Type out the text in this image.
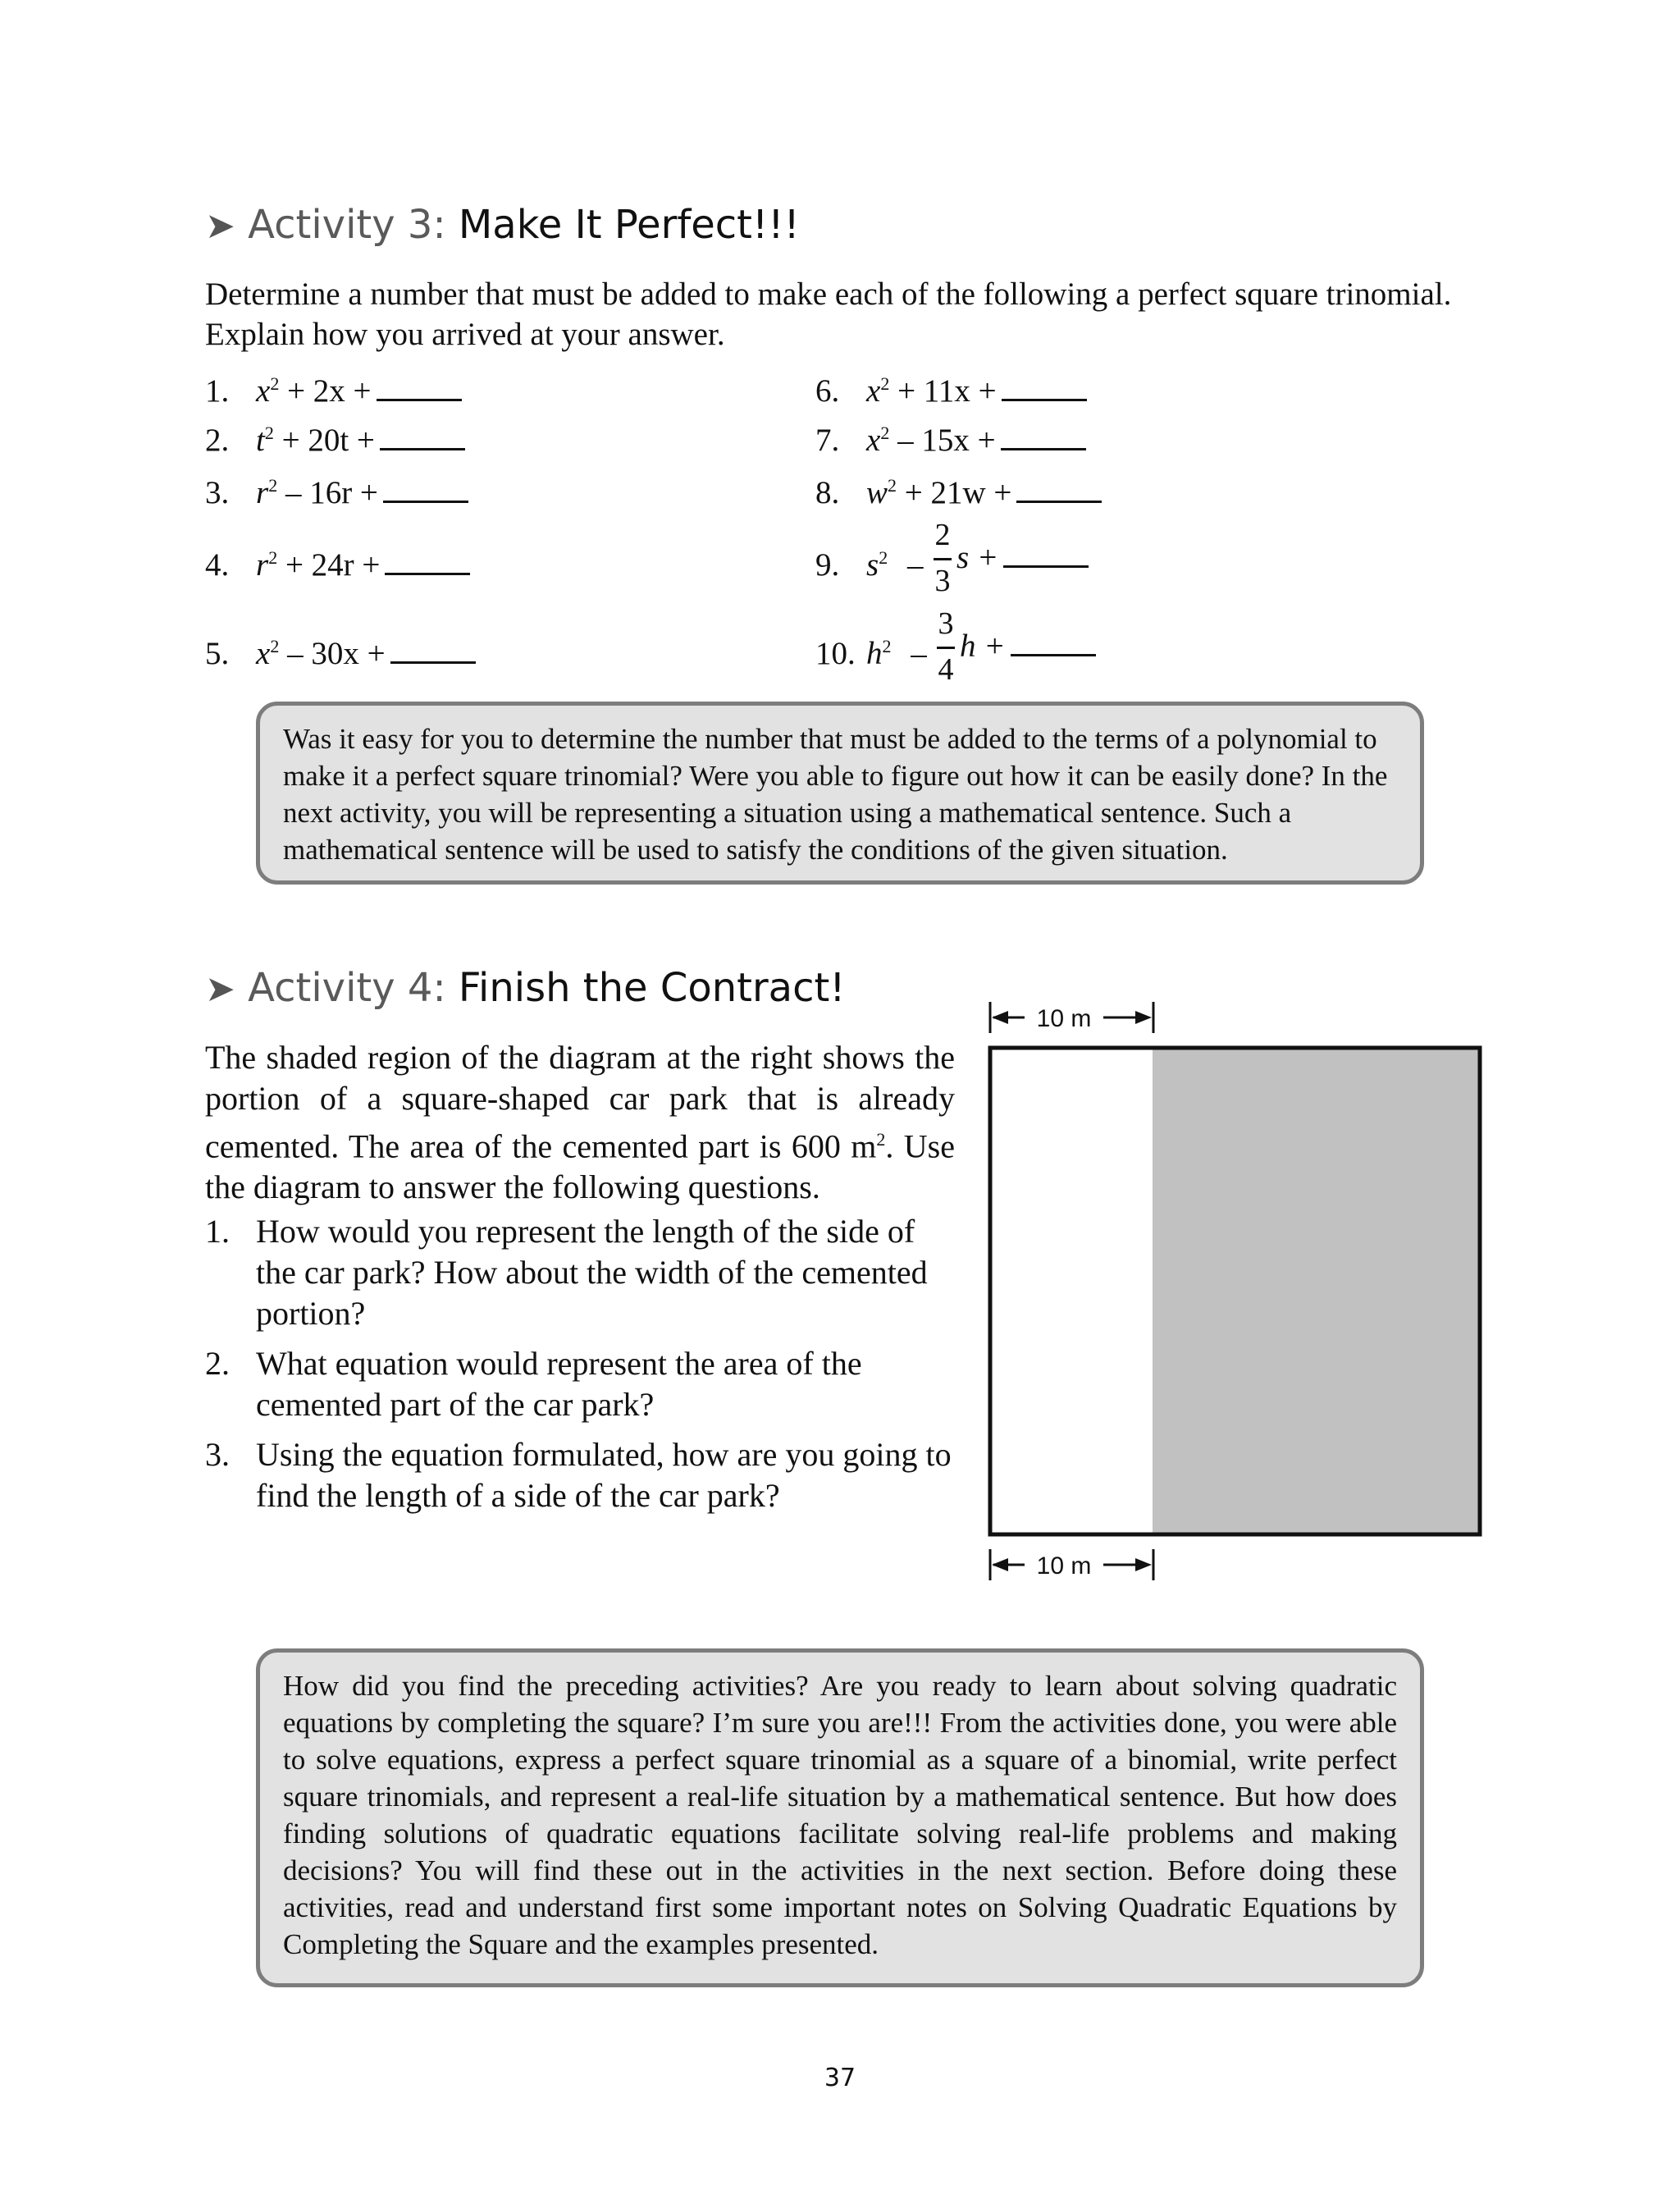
➤ Activity 3: Make It Perfect!!!
Determine a number that must be added to make each of the following a perfect square trinomial. Explain how you arrived at your answer.
1. $x^2 + 2x$ +
2. $t^2 + 20t$ +
3. $r^2 - 16r$ +
4. $r^2 + 24r$ +
5. $x^2 - 30x$ +
6. $x^2 + 11x$ +
7. $x^2 - 15x$ +
8. $w^2 + 21w$ +
9. $s^2$ –
2
3
s +
10. $h^2$ –
3
4
h +
Was it easy for you to determine the number that must be added to the terms of a polynomial to make it a perfect square trinomial? Were you able to figure out how it can be easily done? In the next activity, you will be representing a situation using a mathematical sentence. Such a mathematical sentence will be used to satisfy the conditions of the given situation.
➤ Activity 4: Finish the Contract!
The shaded region of the diagram at the right shows the portion of a square-shaped car park that is already cemented. The area of the cemented part is 600 $m^2$. Use the diagram to answer the following questions.
1. How would you represent the length of the side of the car park? How about the width of the cemented portion?
2. What equation would represent the area of the cemented part of the car park?
3. Using the equation formulated, how are you going to find the length of a side of the car park?
10 m
10 m
How did you find the preceding activities? Are you ready to learn about solving quadratic equations by completing the square? I’m sure you are!!! From the activities done, you were able to solve equations, express a perfect square trinomial as a square of a binomial, write perfect square trinomials, and represent a real-life situation by a mathematical sentence. But how does finding solutions of quadratic equations facilitate solving real-life problems and making decisions? You will find these out in the activities in the next section. Before doing these activities, read and understand first some important notes on Solving Quadratic Equations by Completing the Square and the examples presented.
37
